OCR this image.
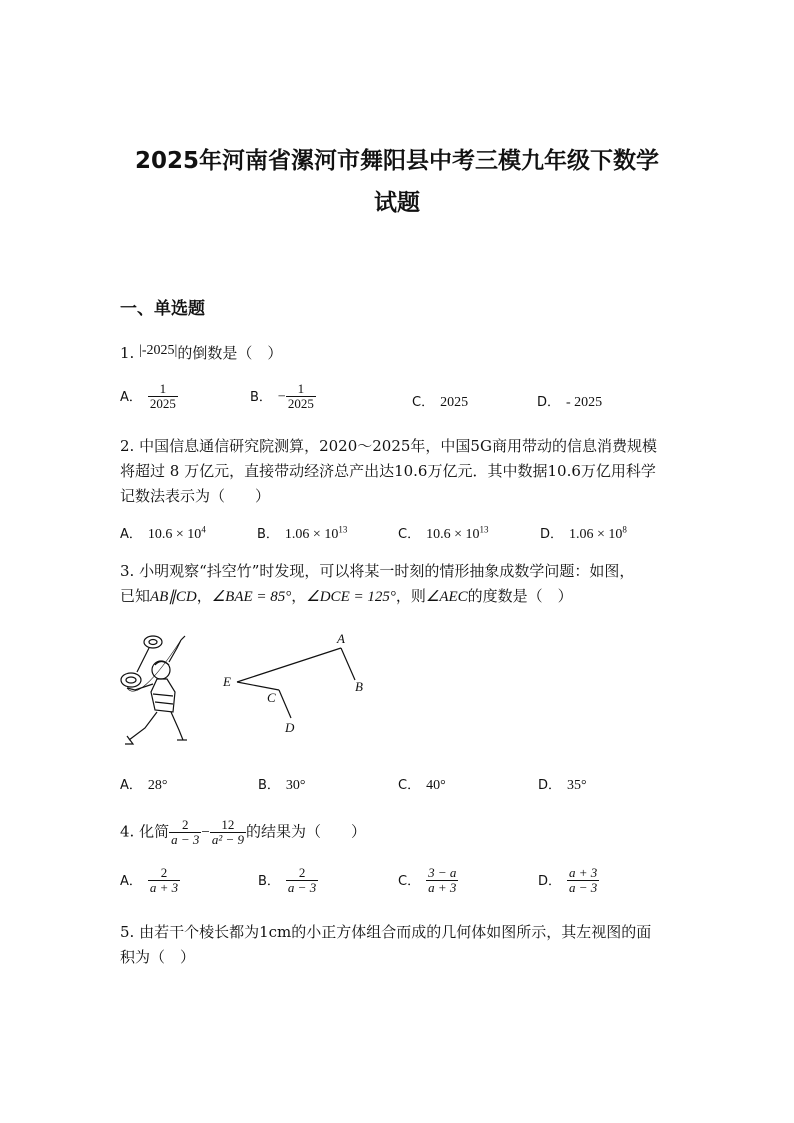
2025年河南省漯河市舞阳县中考三模九年级下数学
试题
一、单选题
1. |-2025|的倒数是（　）
A． $\frac{1}{2025}$	B． − $\frac{1}{2025}$	C． 2025	D． - 2025
2. 中国信息通信研究院测算，2020～2025年，中国5G商用带动的信息消费规模
将超过 8 万亿元，直接带动经济总产出达10.6万亿元．其中数据10.6万亿用科学
记数法表示为（　　）
A． $10.6 \times 10^4$	B． $1.06 \times 10^{13}$	C． $10.6 \times 10^{13}$	D． $1.06 \times 10^8$
3. 小明观察“抖空竹”时发现，可以将某一时刻的情形抽象成数学问题：如图，
已知AB∥CD，∠BAE = 85°，∠DCE = 125°，则∠AEC的度数是（　）
A
B
E
C
D
A． 28°	B． 30°	C． 40°	D． 35°
4. 化简 $\frac{2}{a - 3} - \frac{12}{\text{a² − 9}}$ 的结果为（　　）
A． $\frac{2}{a + 3}$	B． $\frac{2}{a - 3}$	C． $\frac{3 - a}{a + 3}$	D． $\frac{a + 3}{a - 3}$
5. 由若干个棱长都为1cm的小正方体组合而成的几何体如图所示，其左视图的面
积为（　）
